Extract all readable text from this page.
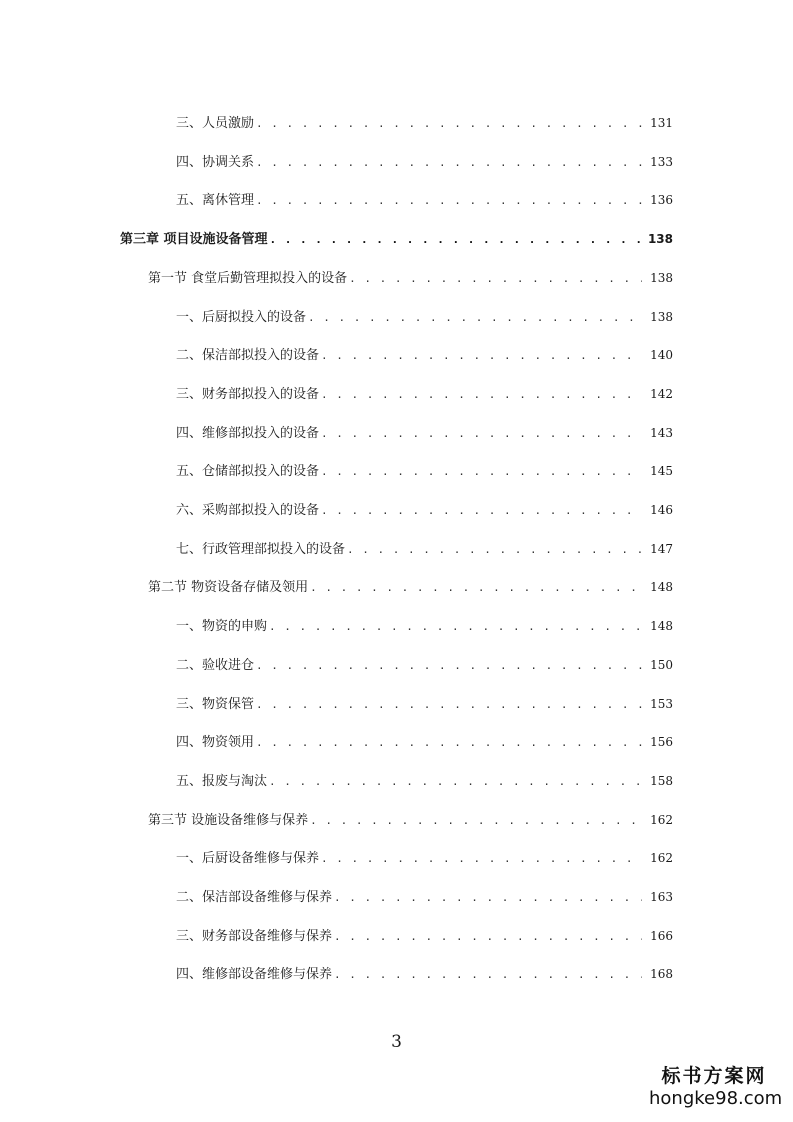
三、人员激励 . . .	131
四、协调关系 . . .	133
五、离休管理 . . .	136
第三章 项目设施设备管理 . . .	138
第一节 食堂后勤管理拟投入的设备 . . .	138
一、后厨拟投入的设备 . . .	138
二、保洁部拟投入的设备 . . .	140
三、财务部拟投入的设备 . . .	142
四、维修部拟投入的设备 . . .	143
五、仓储部拟投入的设备 . . .	145
六、采购部拟投入的设备 . . .	146
七、行政管理部拟投入的设备 . . .	147
第二节 物资设备存储及领用 . . .	148
一、物资的申购 . . .	148
二、验收进仓 . . .	150
三、物资保管 . . .	153
四、物资领用 . . .	156
五、报废与淘汰 . . .	158
第三节 设施设备维修与保养 . . .	162
一、后厨设备维修与保养 . . .	162
二、保洁部设备维修与保养 . . .	163
三、财务部设备维修与保养 . . .	166
四、维修部设备维修与保养 . . .	168
3
标书方案网
hongke98.com
